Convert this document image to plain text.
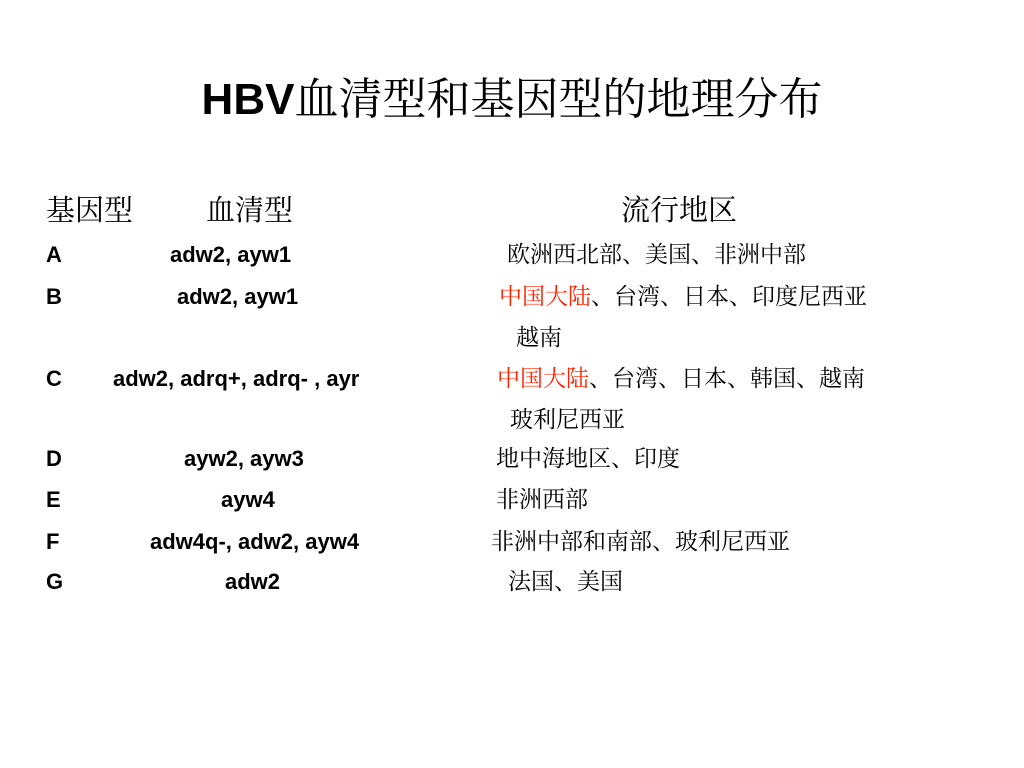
HBV血清型和基因型的地理分布
基因型	血清型	流行地区
A	adw2, ayw1	欧洲西北部、美国、非洲中部
B	adw2, ayw1	中国大陆、台湾、日本、印度尼西亚
越南
C adw2, adrq+, adrq- , ayr	中国大陆、台湾、日本、韩国、越南
玻利尼西亚
D	ayw2, ayw3	地中海地区、印度
E	ayw4	非洲西部
F	adw4q-, adw2, ayw4	非洲中部和南部、玻利尼西亚
G	adw2	法国、美国
